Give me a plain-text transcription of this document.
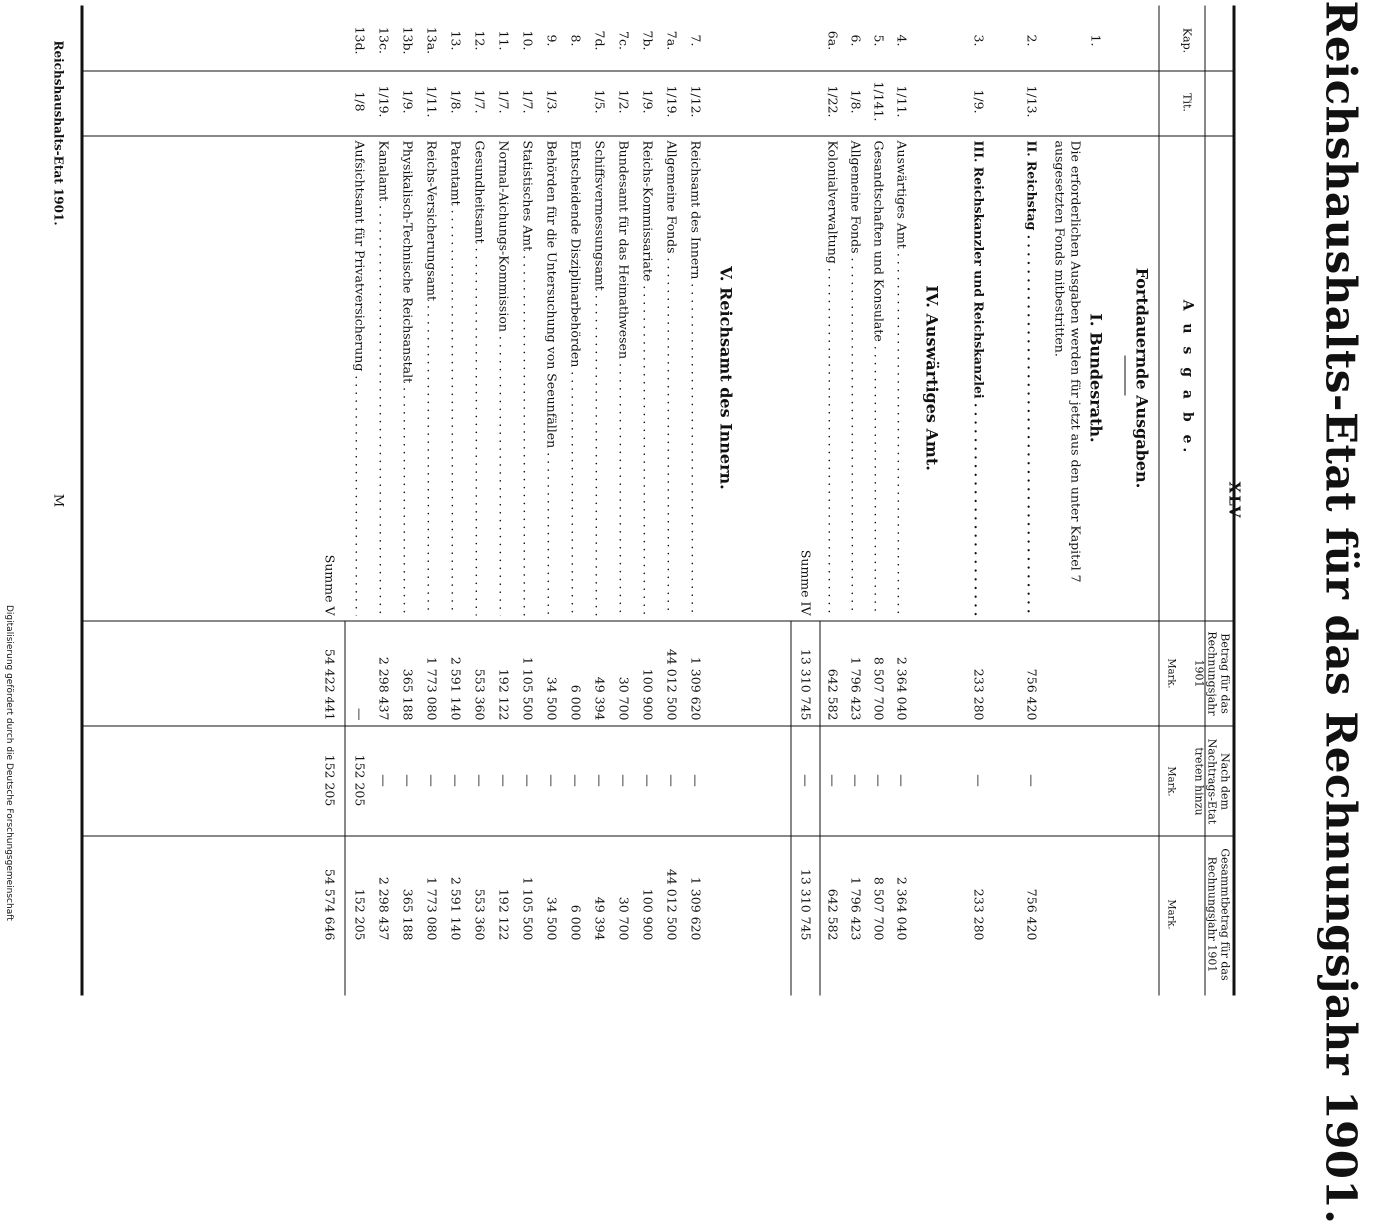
Reichshaushalts-Etat für das Rechnungsjahr 1901.
XLV
Kap.
Tit.
A u s g a b e.
Betrag für das Rechnungsjahr 1901
Mark.
Nach dem Nachtrags-Etat treten hinzu
Mark.
Gesammtbetrag für das Rechnungsjahr 1901
Mark.
Fortdauernde Ausgaben.
I. Bundesrath.
1.
Die erforderlichen Ausgaben werden für jetzt aus den unter Kapitel 7 ausgesetzten Fonds mitbestritten.
2.
1/13.
II. Reichstag . . .
756 420
—
756 420
3.
1/9.
III. Reichskanzler und Reichskanzlei . . .
233 280
—
233 280
IV. Auswärtiges Amt.
4.
1/11.
Auswärtiges Amt . . .
2 364 040
—
2 364 040
5.
1/141.
Gesandtschaften und Konsulate . . .
8 507 700
—
8 507 700
6.
1/8.
Allgemeine Fonds . . .
1 796 423
—
1 796 423
6a.
1/22.
Kolonialverwaltung . . .
642 582
—
642 582
Summe IV
13 310 745
—
13 310 745
V. Reichsamt des Innern.
7.
1/12.
Reichsamt des Innern . . .
1 309 620
—
1 309 620
7a.
1/19.
Allgemeine Fonds . . .
44 012 500
—
44 012 500
7b.
1/9.
Reichs-Kommissariate . . .
100 900
—
100 900
7c.
1/2.
Bundesamt für das Heimathwesen . . .
30 700
—
30 700
7d.
1/5.
Schiffsvermessungsamt . . .
49 394
—
49 394
8.
Entscheidende Disziplinarbehörden . . .
6 000
—
6 000
9.
1/3.
Behörden für die Untersuchung von Seeunfällen . . .
34 500
—
34 500
10.
1/7.
Statistisches Amt . . .
1 105 500
—
1 105 500
11.
1/7.
Normal-Aichungs-Kommission . . .
192 122
—
192 122
12.
1/7.
Gesundheitsamt . . .
553 360
—
553 360
13.
1/8.
Patentamt . . .
2 591 140
—
2 591 140
13a.
1/11.
Reichs-Versicherungsamt . . .
1 773 080
—
1 773 080
13b.
1/9.
Physikalisch-Technische Reichsanstalt . . .
365 188
—
365 188
13c.
1/19.
Kanalamt . . .
2 298 437
—
2 298 437
13d.
1/8
Aufsichtsamt für Privatversicherung . . .
—
152 205
152 205
Summe V
54 422 441
152 205
54 574 646
Reichshaushalts-Etat 1901.
M
Digitalisierung gefördert durch die Deutsche Forschungsgemeinschaft
